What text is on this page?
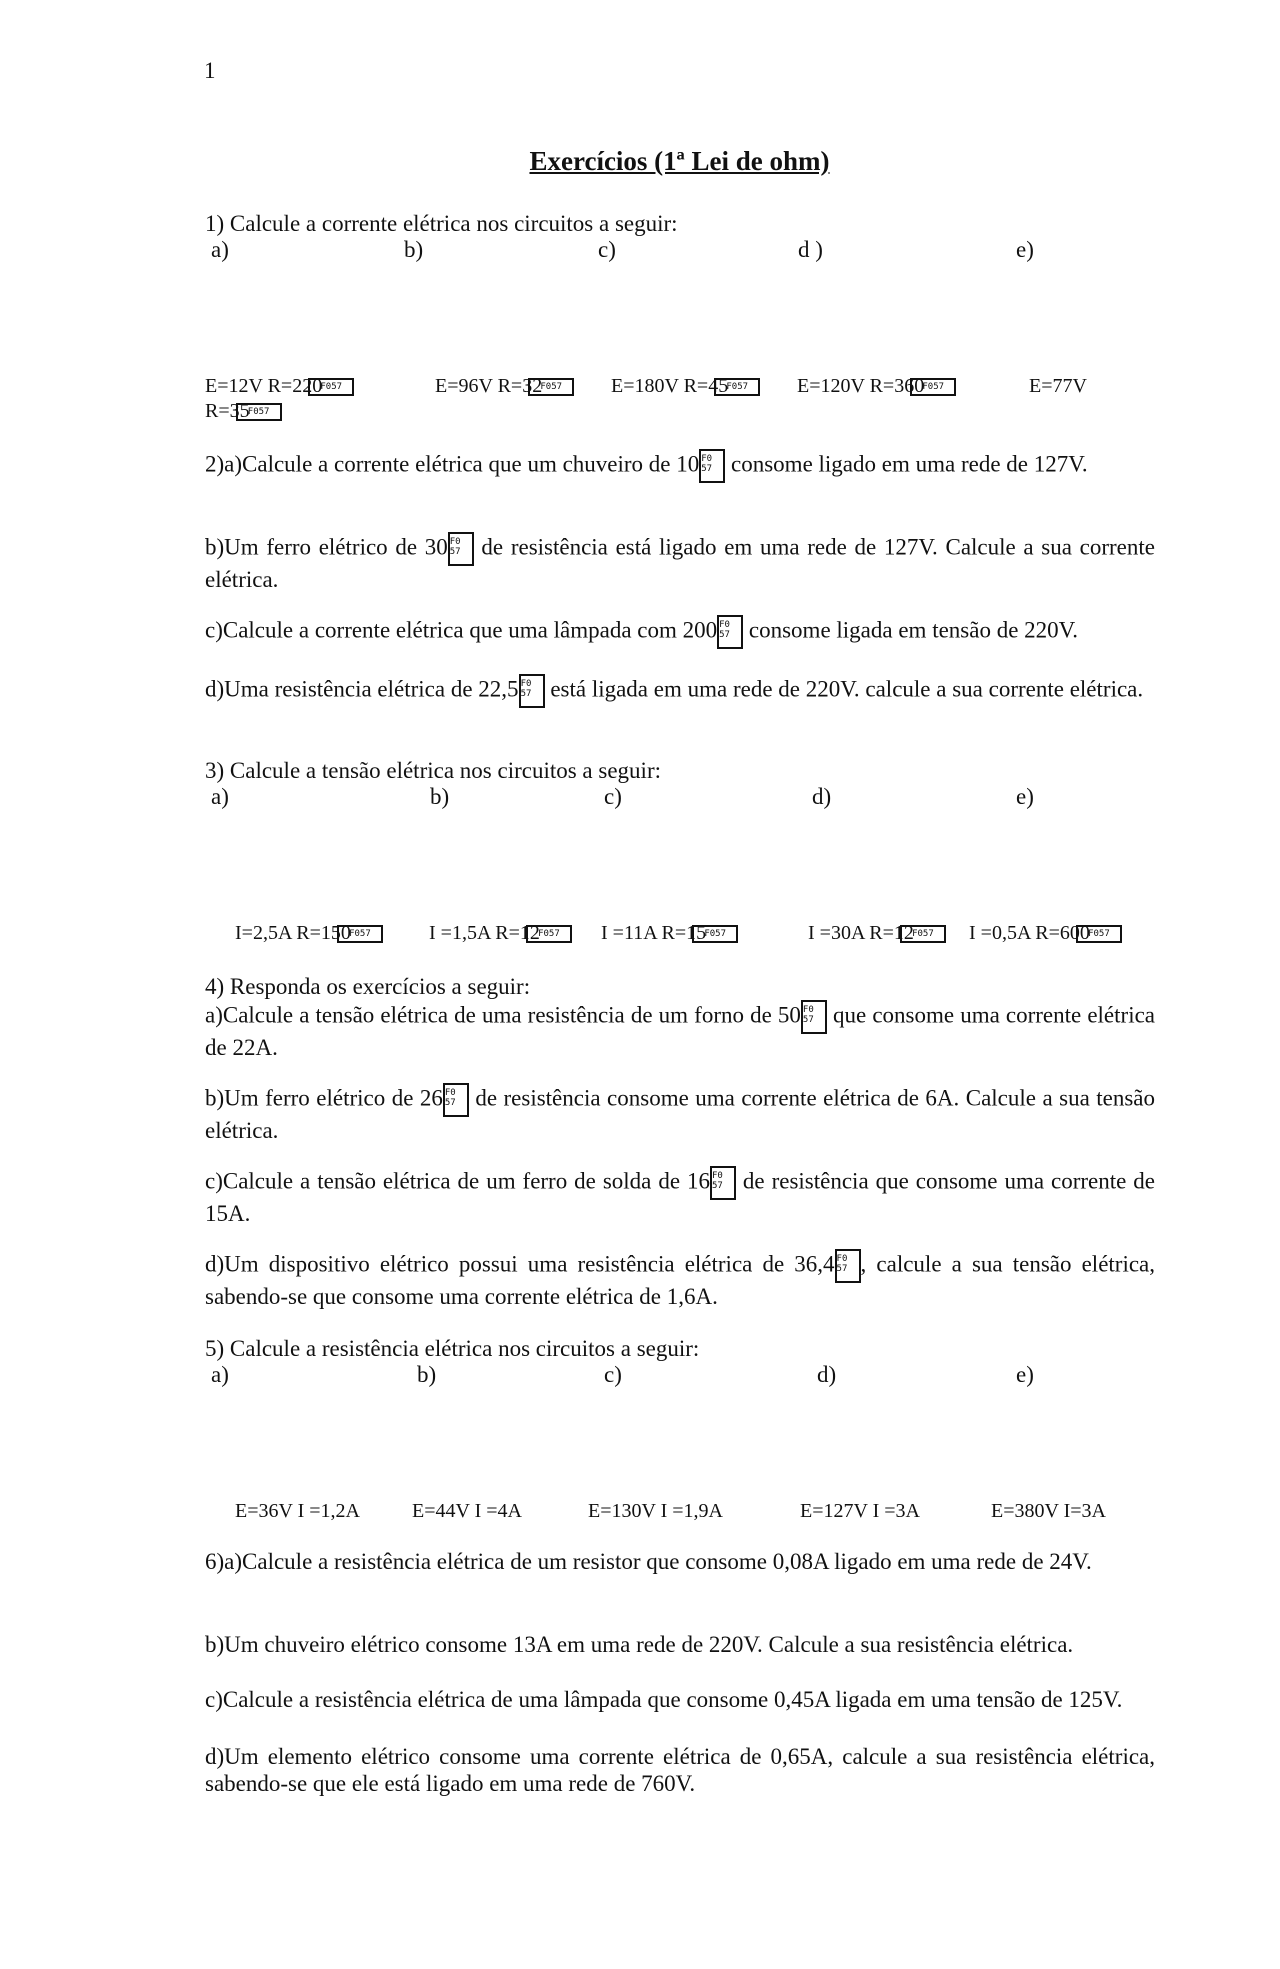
1
Exercícios (1ª Lei de ohm)
1) Calcule a corrente elétrica nos circuitos a seguir:
a)	b)	c)	d )	e)
E=12V R=220F057	E=96V R=32F057	E=180V R=45F057	E=120V R=360F057	E=77V
R=35F057
2)a)Calcule a corrente elétrica que um chuveiro de 10 F0
57 consome ligado em uma rede de 127V.
b)Um ferro elétrico de 30 F0
57 de resistência está ligado em uma rede de 127V. Calcule a sua corrente elétrica.
c)Calcule a corrente elétrica que uma lâmpada com 200 F0
57 consome ligada em tensão de 220V.
d)Uma resistência elétrica de 22,5 F0
57 está ligada em uma rede de 220V. calcule a sua corrente elétrica.
3) Calcule a tensão elétrica nos circuitos a seguir:
a)	b)	c)	d)	e)
I=2,5A R=150F057	I =1,5A R=12F057	I =11A R=15F057	I =30A R=12F057	I =0,5A R=600F057
4) Responda os exercícios a seguir:
a)Calcule a tensão elétrica de uma resistência de um forno de 50 F0
57 que consome uma corrente elétrica de 22A.
b)Um ferro elétrico de 26 F0
57 de resistência consome uma corrente elétrica de 6A. Calcule a sua tensão elétrica.
c)Calcule a tensão elétrica de um ferro de solda de 16 F0
57 de resistência que consome uma corrente de 15A.
d)Um dispositivo elétrico possui uma resistência elétrica de 36,4 F0
57 , calcule a sua tensão elétrica, sabendo-se que consome uma corrente elétrica de 1,6A.
5) Calcule a resistência elétrica nos circuitos a seguir:
a)	b)	c)	d)	e)
E=36V I =1,2A	E=44V I =4A	E=130V I =1,9A	E=127V I =3A	E=380V I=3A
6)a)Calcule a resistência elétrica de um resistor que consome 0,08A ligado em uma rede de 24V.
b)Um chuveiro elétrico consome 13A em uma rede de 220V. Calcule a sua resistência elétrica.
c)Calcule a resistência elétrica de uma lâmpada que consome 0,45A ligada em uma tensão de 125V.
d)Um elemento elétrico consome uma corrente elétrica de 0,65A, calcule a sua resistência elétrica, sabendo-se que ele está ligado em uma rede de 760V.
